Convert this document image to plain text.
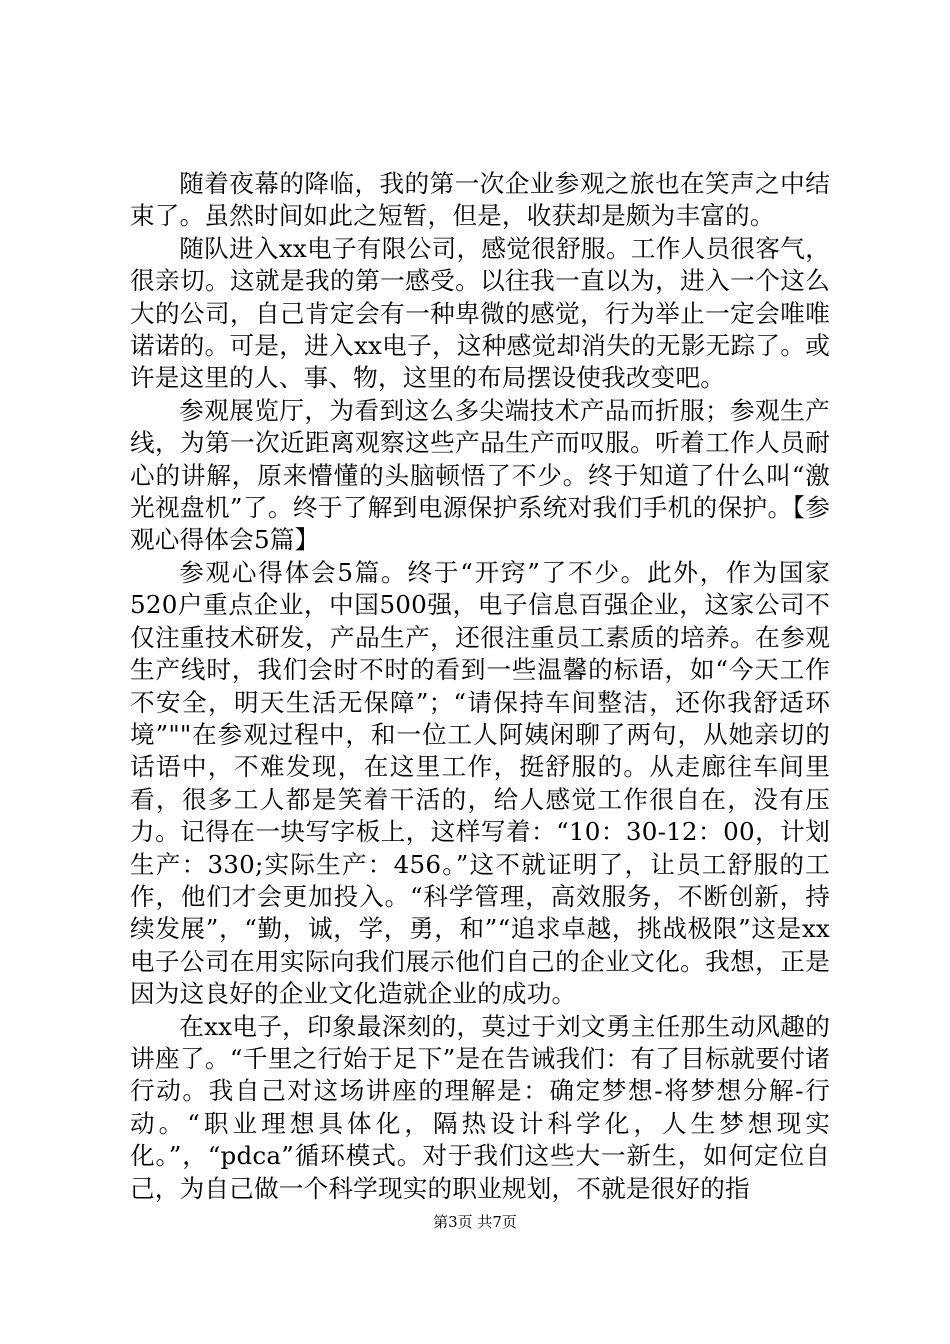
随着夜幕的降临，我的第一次企业参观之旅也在笑声之中结束了。虽然时间如此之短暂，但是，收获却是颇为丰富的。

随队进入xx电子有限公司，感觉很舒服。工作人员很客气，很亲切。这就是我的第一感受。以往我一直以为，进入一个这么大的公司，自己肯定会有一种卑微的感觉，行为举止一定会唯唯诺诺的。可是，进入xx电子，这种感觉却消失的无影无踪了。或许是这里的人、事、物，这里的布局摆设使我改变吧。

参观展览厅，为看到这么多尖端技术产品而折服；参观生产线，为第一次近距离观察这些产品生产而叹服。听着工作人员耐心的讲解，原来懵懂的头脑顿悟了不少。终于知道了什么叫“激光视盘机”了。终于了解到电源保护系统对我们手机的保护。【参观心得体会5篇】

参观心得体会5篇。终于“开窍”了不少。此外，作为国家520户重点企业，中国500强，电子信息百强企业，这家公司不仅注重技术研发，产品生产，还很注重员工素质的培养。在参观生产线时，我们会时不时的看到一些温馨的标语，如“今天工作不安全，明天生活无保障”；“请保持车间整洁，还你我舒适环境”""在参观过程中，和一位工人阿姨闲聊了两句，从她亲切的话语中，不难发现，在这里工作，挺舒服的。从走廊往车间里看，很多工人都是笑着干活的，给人感觉工作很自在，没有压力。记得在一块写字板上，这样写着：“10：30-12：00，计划生产：330;实际生产：456。”这不就证明了，让员工舒服的工作，他们才会更加投入。“科学管理，高效服务，不断创新，持续发展”，“勤，诚，学，勇，和”“追求卓越，挑战极限”这是xx电子公司在用实际向我们展示他们自己的企业文化。我想，正是因为这良好的企业文化造就企业的成功。

在xx电子，印象最深刻的，莫过于刘文勇主任那生动风趣的讲座了。“千里之行始于足下”是在告诫我们：有了目标就要付诸行动。我自己对这场讲座的理解是：确定梦想-将梦想分解-行动。“职业理想具体化，隔热设计科学化，人生梦想现实化。”，“pdca”循环模式。对于我们这些大一新生，如何定位自己，为自己做一个科学现实的职业规划，不就是很好的指

第3页 共7页
